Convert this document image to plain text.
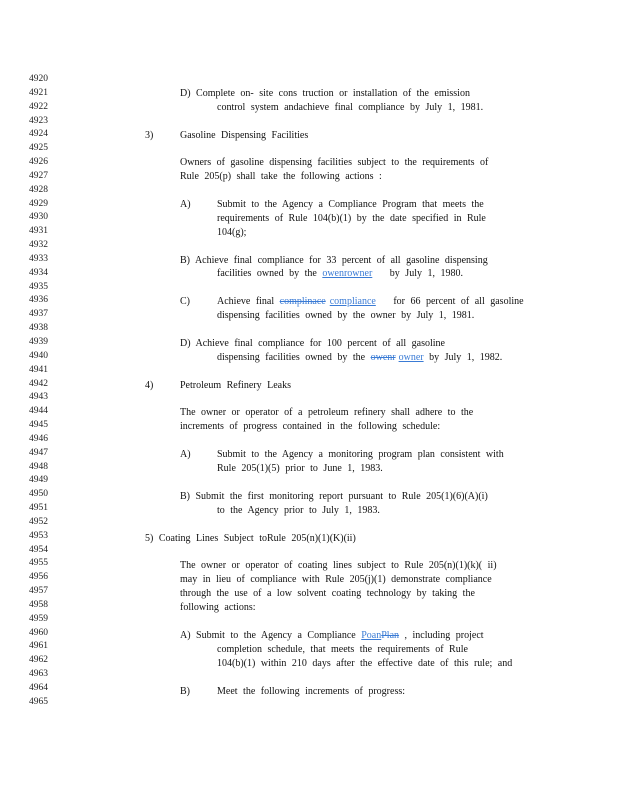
4920
4921
4922
4923
4924
4925
4926
4927
4928
4929
4930
4931
4932
4933
4934
4935
4936
4937
4938
4939
4940
4941
4942
4943
4944
4945
4946
4947
4948
4949
4950
4951
4952
4953
4954
4955
4956
4957
4958
4959
4960
4961
4962
4963
4964
4965
D) Complete on- site cons truction or installation of the emission
control system andachieve final compliance by July 1, 1981.
3)	Gasoline Dispensing Facilities
Owners of gasoline dispensing facilities subject to the requirements of
Rule 205(p) shall take the following actions :
A)	Submit to the Agency a Compliance Program that meets the
requirements of Rule 104(b)(1) by the date specified in Rule
104(g);
B) Achieve final compliance for 33 percent of all gasoline dispensing
facilities owned by the owenrowner by July 1, 1980.
C)	Achieve final complinace compliance for 66 percent of all gasoline
dispensing facilities owned by the owner by July 1, 1981.
D) Achieve final compliance for 100 percent of all gasoline
dispensing facilities owned by the owenr owner by July 1, 1982.
4)	Petroleum Refinery Leaks
The owner or operator of a petroleum refinery shall adhere to the
increments of progress contained in the following schedule:
A)	Submit to the Agency a monitoring program plan consistent with
Rule 205(1)(5) prior to June 1, 1983.
B) Submit the first monitoring report pursuant to Rule 205(1)(6)(A)(i)
to the Agency prior to July 1, 1983.
5) Coating Lines Subject toRule 205(n)(1)(K)(ii)
The owner or operator of coating lines subject to Rule 205(n)(1)(k)( ii)
may in lieu of compliance with Rule 205(j)(1) demonstrate compliance
through the use of a low solvent coating technology by taking the
following actions:
A) Submit to the Agency a Compliance PoanPlan , including project
completion schedule, that meets the requirements of Rule
104(b)(1) within 210 days after the effective date of this rule; and
B)	Meet the following increments of progress:
